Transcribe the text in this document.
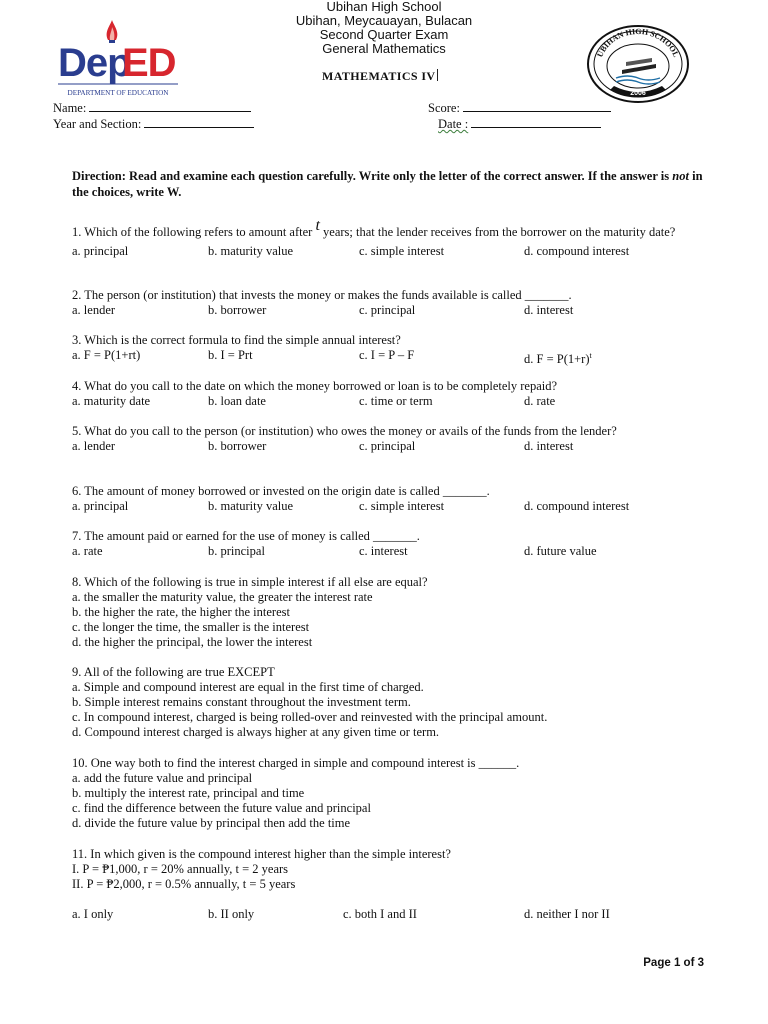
Ubihan High School
Ubihan, Meycauayan, Bulacan
Second Quarter Exam
General Mathematics
MATHEMATICS IV
Dep
ED
DEPARTMENT OF EDUCATION
UBIHAN HIGH SCHOOL
2006
Name:
Year and Section:
Score:
Date :
Direction: Read and examine each question carefully. Write only the letter of the correct answer. If the answer is not in the choices, write W.
1. Which of the following refers to amount after t years; that the lender receives from the borrower on the maturity date?
a. principal	b. maturity value	c. simple interest	d. compound interest
2. The person (or institution) that invests the money or makes the funds available is called _______.
a. lender	b. borrower	c. principal	d. interest
3. Which is the correct formula to find the simple annual interest?
a. F = P(1+rt)	b. I = Prt	c. I = P – F	d. $F = P(1+r)^t$
4. What do you call to the date on which the money borrowed or loan is to be completely repaid?
a. maturity date	b. loan date	c. time or term	d. rate
5. What do you call to the person (or institution) who owes the money or avails of the funds from the lender?
a. lender	b. borrower	c. principal	d. interest
6. The amount of money borrowed or invested on the origin date is called _______.
a. principal	b. maturity value	c. simple interest	d. compound interest
7. The amount paid or earned for the use of money is called _______.
a. rate	b. principal	c. interest	d. future value
8. Which of the following is true in simple interest if all else are equal?
a. the smaller the maturity value, the greater the interest rate
b. the higher the rate, the higher the interest
c. the longer the time, the smaller is the interest
d. the higher the principal, the lower the interest
9. All of the following are true EXCEPT
a. Simple and compound interest are equal in the first time of charged.
b. Simple interest remains constant throughout the investment term.
c. In compound interest, charged is being rolled-over and reinvested with the principal amount.
d. Compound interest charged is always higher at any given time or term.
10. One way both to find the interest charged in simple and compound interest is ______.
a. add the future value and principal
b. multiply the interest rate, principal and time
c. find the difference between the future value and principal
d. divide the future value by principal then add the time
11. In which given is the compound interest higher than the simple interest?
I. P = ₱1,000, r = 20% annually, t = 2 years
II. P = ₱2,000, r = 0.5% annually, t = 5 years
a. I only	b. II only	c. both I and II	d. neither I nor II
Page 1 of 3
